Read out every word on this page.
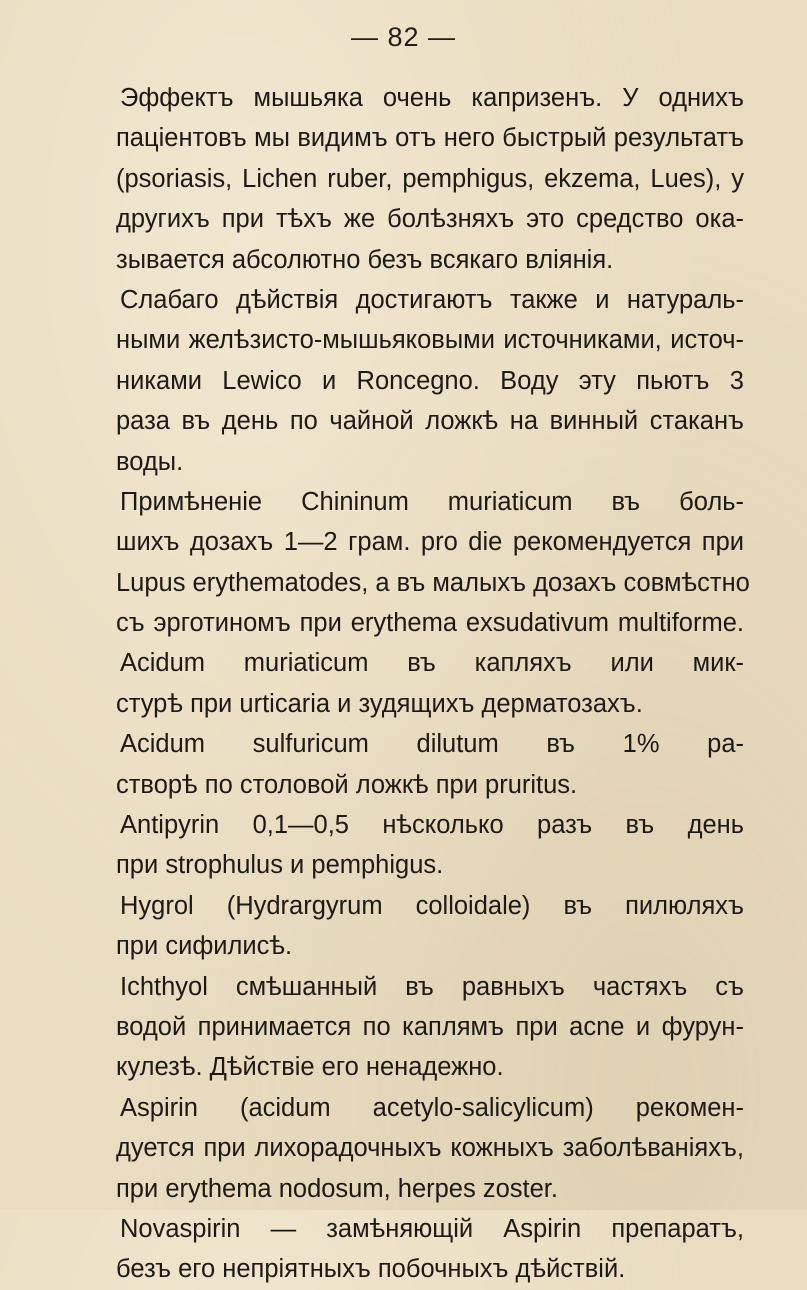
— 82 —

Эффектъ мышьяка очень капризенъ. У однихъ
паціентовъ мы видимъ отъ него быстрый результатъ
(psoriasis, Lichen ruber, pemphigus, ekzema, Lues), у
другихъ при тѣхъ же болѣзняхъ это средство ока-
зывается абсолютно безъ всякаго вліянія.

Слабаго дѣйствія достигаютъ также и натураль-
ными желѣзисто-мышьяковыми источниками, источ-
никами Lewico и Roncegno. Воду эту пьютъ 3
раза въ день по чайной ложкѣ на винный стаканъ
воды.

Примѣненіе Chininum muriaticum въ боль-
шихъ дозахъ 1—2 грам. pro die рекомендуется при
Lupus erythematodes, а въ малыхъ дозахъ совмѣстно
съ эрготиномъ при erythema exsudativum multiforme.

Acidum muriaticum въ капляхъ или мик-
стурѣ при urticaria и зудящихъ дерматозахъ.

Acidum sulfuricum dilutum въ 1% ра-
створѣ по столовой ложкѣ при pruritus.

Antipyrin 0,1—0,5 нѣсколько разъ въ день
при strophulus и pemphigus.

Hygrol (Hydrargyrum colloidale) въ пилюляхъ
при сифилисѣ.

Ichthyol смѣшанный въ равныхъ частяхъ съ
водой принимается по каплямъ при acne и фурун-
кулезѣ. Дѣйствіе его ненадежно.

Aspirin (acidum acetylo-salicylicum) рекомен-
дуется при лихорадочныхъ кожныхъ заболѣваніяхъ,
при erythema nodosum, herpes zoster.

Novaspirin — замѣняющій Aspirin препаратъ,
безъ его непріятныхъ побочныхъ дѣйствій.
